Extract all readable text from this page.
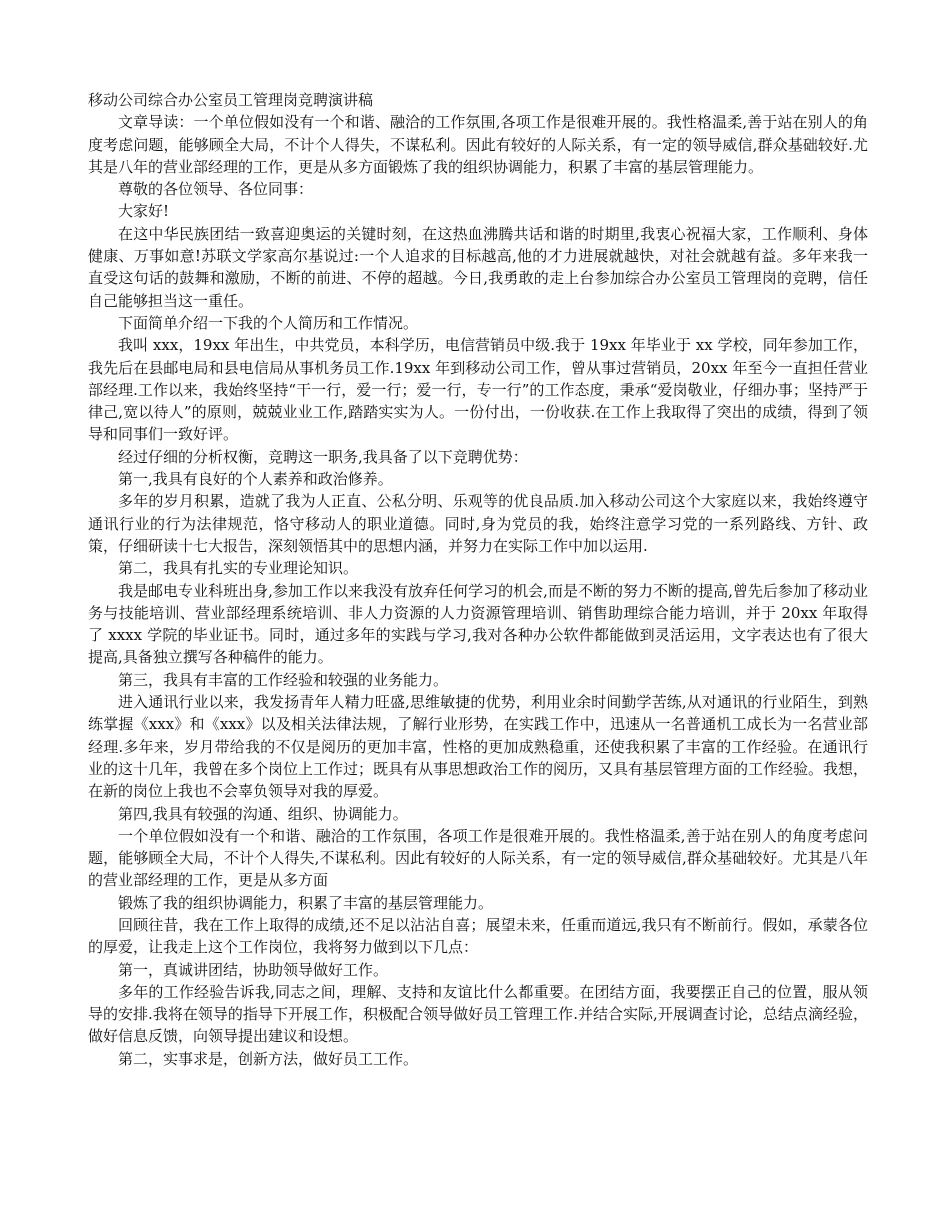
移动公司综合办公室员工管理岗竞聘演讲稿

文章导读：一个单位假如没有一个和谐、融洽的工作氛围,各项工作是很难开展的。我性格温柔,善于站在别人的角度考虑问题，能够顾全大局，不计个人得失，不谋私利。因此有较好的人际关系，有一定的领导威信,群众基础较好.尤其是八年的营业部经理的工作，更是从多方面锻炼了我的组织协调能力，积累了丰富的基层管理能力。

尊敬的各位领导、各位同事：

大家好!

在这中华民族团结一致喜迎奥运的关键时刻，在这热血沸腾共话和谐的时期里,我衷心祝福大家，工作顺利、身体健康、万事如意!苏联文学家高尔基说过:一个人追求的目标越高,他的才力进展就越快，对社会就越有益。多年来我一直受这句话的鼓舞和激励，不断的前进、不停的超越。今日,我勇敢的走上台参加综合办公室员工管理岗的竞聘，信任自己能够担当这一重任。

下面简单介绍一下我的个人简历和工作情况。

我叫 xxx，19xx 年出生，中共党员，本科学历，电信营销员中级.我于 19xx 年毕业于 xx 学校，同年参加工作，我先后在县邮电局和县电信局从事机务员工作.19xx 年到移动公司工作，曾从事过营销员，20xx 年至今一直担任营业部经理.工作以来，我始终坚持“干一行，爱一行；爱一行，专一行”的工作态度，秉承“爱岗敬业，仔细办事；坚持严于律己,宽以待人”的原则，兢兢业业工作,踏踏实实为人。一份付出，一份收获.在工作上我取得了突出的成绩，得到了领导和同事们一致好评。

经过仔细的分析权衡，竞聘这一职务,我具备了以下竞聘优势：

第一,我具有良好的个人素养和政治修养。

多年的岁月积累，造就了我为人正直、公私分明、乐观等的优良品质.加入移动公司这个大家庭以来，我始终遵守通讯行业的行为法律规范，恪守移动人的职业道德。同时,身为党员的我，始终注意学习党的一系列路线、方针、政策，仔细研读十七大报告，深刻领悟其中的思想内涵，并努力在实际工作中加以运用.

第二，我具有扎实的专业理论知识。

我是邮电专业科班出身,参加工作以来我没有放弃任何学习的机会,而是不断的努力不断的提高,曾先后参加了移动业务与技能培训、营业部经理系统培训、非人力资源的人力资源管理培训、销售助理综合能力培训，并于 20xx 年取得了 xxxx 学院的毕业证书。同时，通过多年的实践与学习,我对各种办公软件都能做到灵活运用，文字表达也有了很大提高,具备独立撰写各种稿件的能力。

第三，我具有丰富的工作经验和较强的业务能力。

进入通讯行业以来，我发扬青年人精力旺盛,思维敏捷的优势，利用业余时间勤学苦练,从对通讯的行业陌生，到熟练掌握《xxx》和《xxx》以及相关法律法规，了解行业形势，在实践工作中，迅速从一名普通机工成长为一名营业部经理.多年来，岁月带给我的不仅是阅历的更加丰富，性格的更加成熟稳重，还使我积累了丰富的工作经验。在通讯行业的这十几年，我曾在多个岗位上工作过；既具有从事思想政治工作的阅历，又具有基层管理方面的工作经验。我想，在新的岗位上我也不会辜负领导对我的厚爱。

第四,我具有较强的沟通、组织、协调能力。

一个单位假如没有一个和谐、融洽的工作氛围，各项工作是很难开展的。我性格温柔,善于站在别人的角度考虑问题，能够顾全大局，不计个人得失,不谋私利。因此有较好的人际关系，有一定的领导威信,群众基础较好。尤其是八年的营业部经理的工作，更是从多方面

锻炼了我的组织协调能力，积累了丰富的基层管理能力。

回顾往昔，我在工作上取得的成绩,还不足以沾沾自喜；展望未来，任重而道远,我只有不断前行。假如，承蒙各位的厚爱，让我走上这个工作岗位，我将努力做到以下几点：

第一，真诚讲团结，协助领导做好工作。

多年的工作经验告诉我,同志之间，理解、支持和友谊比什么都重要。在团结方面，我要摆正自己的位置，服从领导的安排.我将在领导的指导下开展工作，积极配合领导做好员工管理工作.并结合实际,开展调查讨论，总结点滴经验，做好信息反馈，向领导提出建议和设想。

第二，实事求是，创新方法，做好员工工作。
